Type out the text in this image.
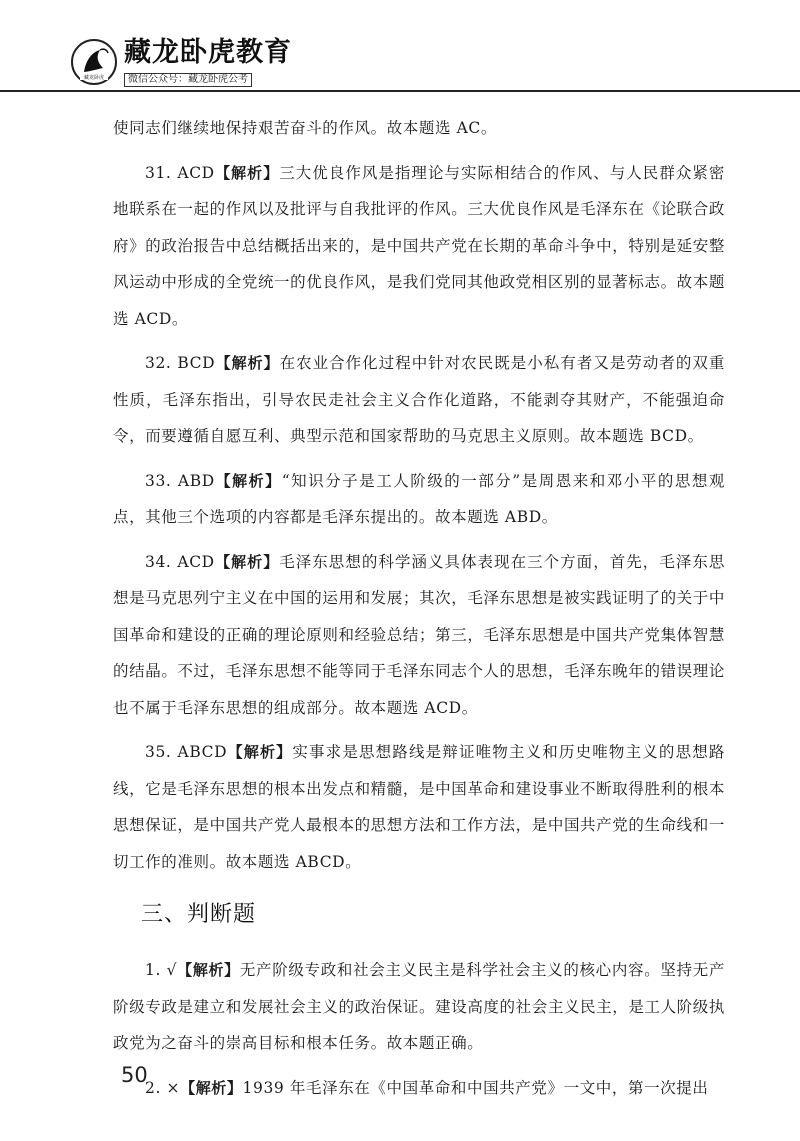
藏龙卧虎
藏龙卧虎教育
微信公众号：藏龙卧虎公考

使同志们继续地保持艰苦奋斗的作风。故本题选 AC。

31. ACD【解析】三大优良作风是指理论与实际相结合的作风、与人民群众紧密地联系在一起的作风以及批评与自我批评的作风。三大优良作风是毛泽东在《论联合政府》的政治报告中总结概括出来的，是中国共产党在长期的革命斗争中，特别是延安整风运动中形成的全党统一的优良作风，是我们党同其他政党相区别的显著标志。故本题选 ACD。

32. BCD【解析】在农业合作化过程中针对农民既是小私有者又是劳动者的双重性质，毛泽东指出，引导农民走社会主义合作化道路，不能剥夺其财产，不能强迫命令，而要遵循自愿互利、典型示范和国家帮助的马克思主义原则。故本题选 BCD。

33. ABD【解析】“知识分子是工人阶级的一部分”是周恩来和邓小平的思想观点，其他三个选项的内容都是毛泽东提出的。故本题选 ABD。

34. ACD【解析】毛泽东思想的科学涵义具体表现在三个方面，首先，毛泽东思想是马克思列宁主义在中国的运用和发展；其次，毛泽东思想是被实践证明了的关于中国革命和建设的正确的理论原则和经验总结；第三，毛泽东思想是中国共产党集体智慧的结晶。不过，毛泽东思想不能等同于毛泽东同志个人的思想，毛泽东晚年的错误理论也不属于毛泽东思想的组成部分。故本题选 ACD。

35. ABCD【解析】实事求是思想路线是辩证唯物主义和历史唯物主义的思想路线，它是毛泽东思想的根本出发点和精髓，是中国革命和建设事业不断取得胜利的根本思想保证，是中国共产党人最根本的思想方法和工作方法，是中国共产党的生命线和一切工作的准则。故本题选 ABCD。

三、判断题

1. √【解析】无产阶级专政和社会主义民主是科学社会主义的核心内容。坚持无产阶级专政是建立和发展社会主义的政治保证。建设高度的社会主义民主，是工人阶级执政党为之奋斗的崇高目标和根本任务。故本题正确。

2. ×【解析】1939 年毛泽东在《中国革命和中国共产党》一文中，第一次提出

50
